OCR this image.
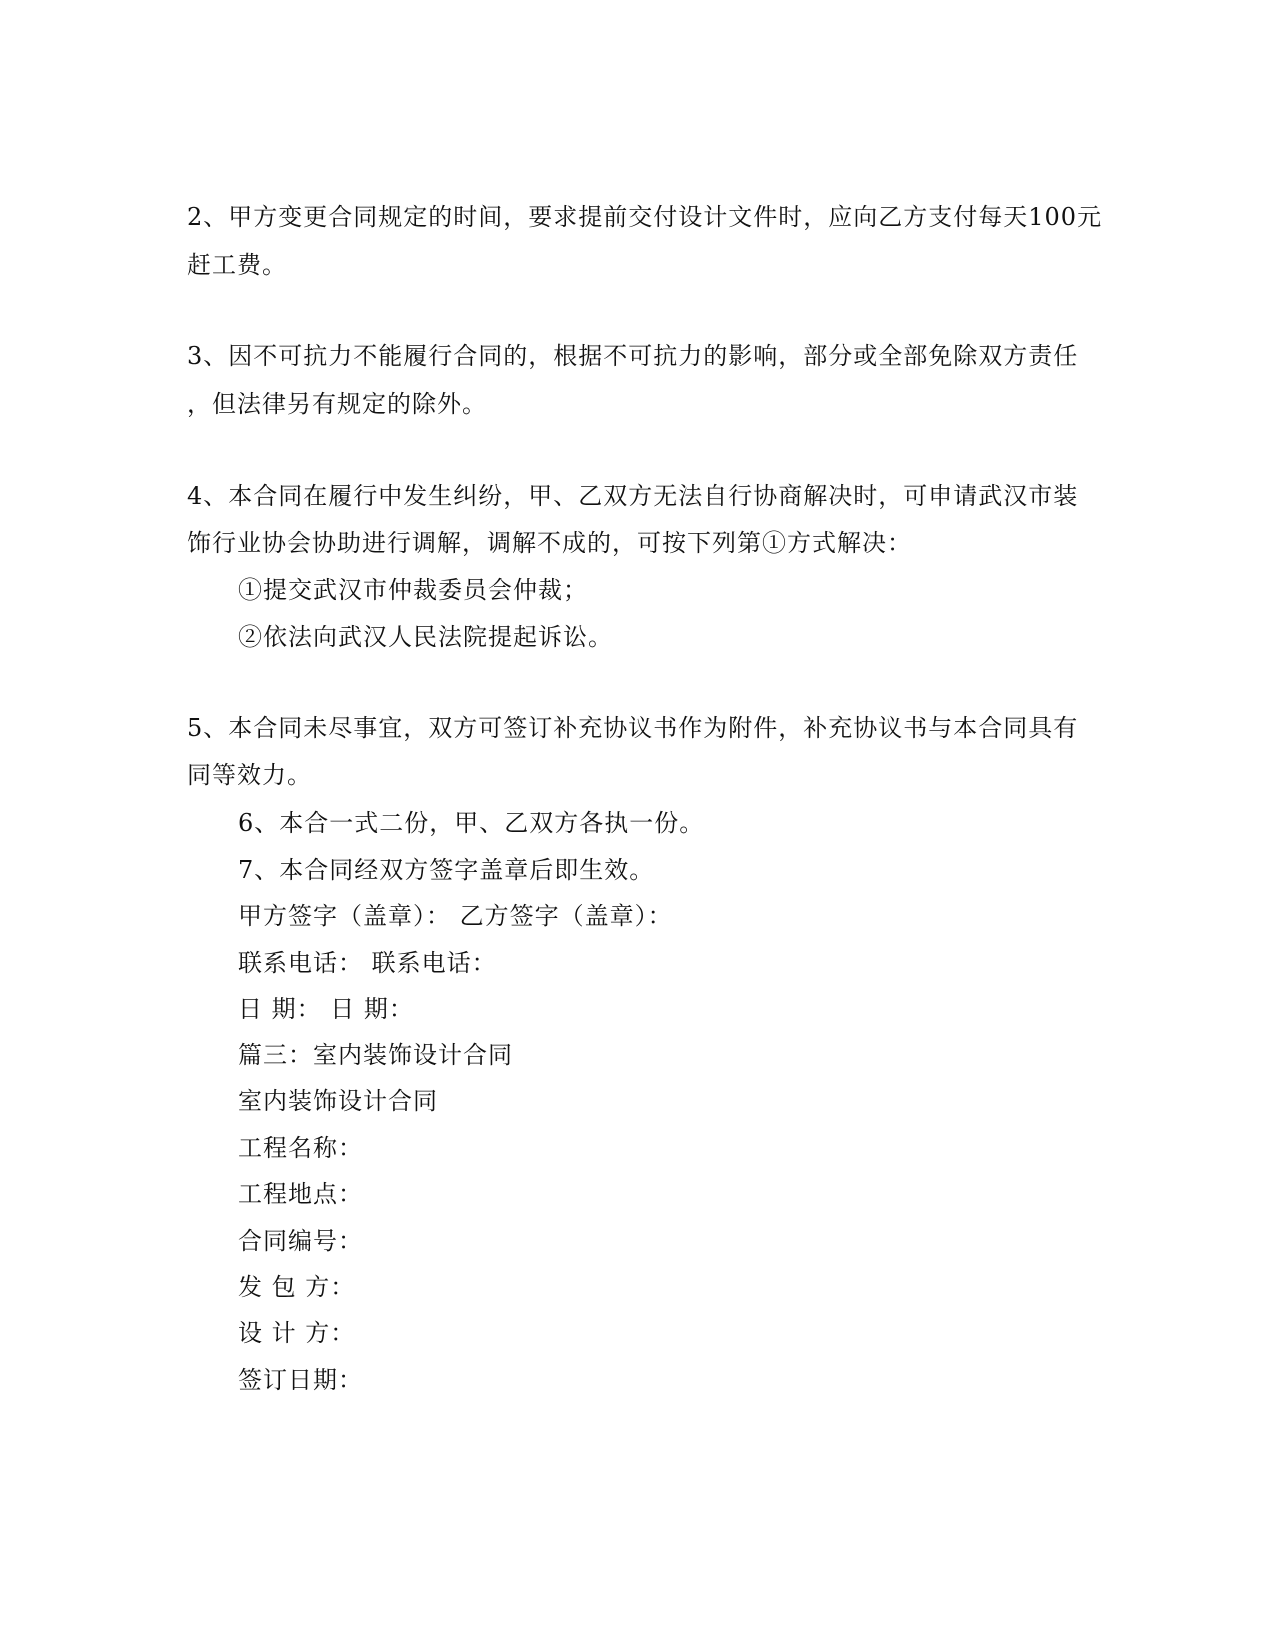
2、甲方变更合同规定的时间，要求提前交付设计文件时，应向乙方支付每天100元
赶工费。
3、因不可抗力不能履行合同的，根据不可抗力的影响，部分或全部免除双方责任
，但法律另有规定的除外。
4、本合同在履行中发生纠纷，甲、乙双方无法自行协商解决时，可申请武汉市装
饰行业协会协助进行调解，调解不成的，可按下列第①方式解决：
①提交武汉市仲裁委员会仲裁；
②依法向武汉人民法院提起诉讼。
5、本合同未尽事宜，双方可签订补充协议书作为附件，补充协议书与本合同具有
同等效力。
6、本合一式二份，甲、乙双方各执一份。
7、本合同经双方签字盖章后即生效。
甲方签字（盖章）： 乙方签字（盖章）：
联系电话： 联系电话：
日 期： 日 期：
篇三：室内装饰设计合同
室内装饰设计合同
工程名称：
工程地点：
合同编号：
发 包 方：
设 计 方：
签订日期：
